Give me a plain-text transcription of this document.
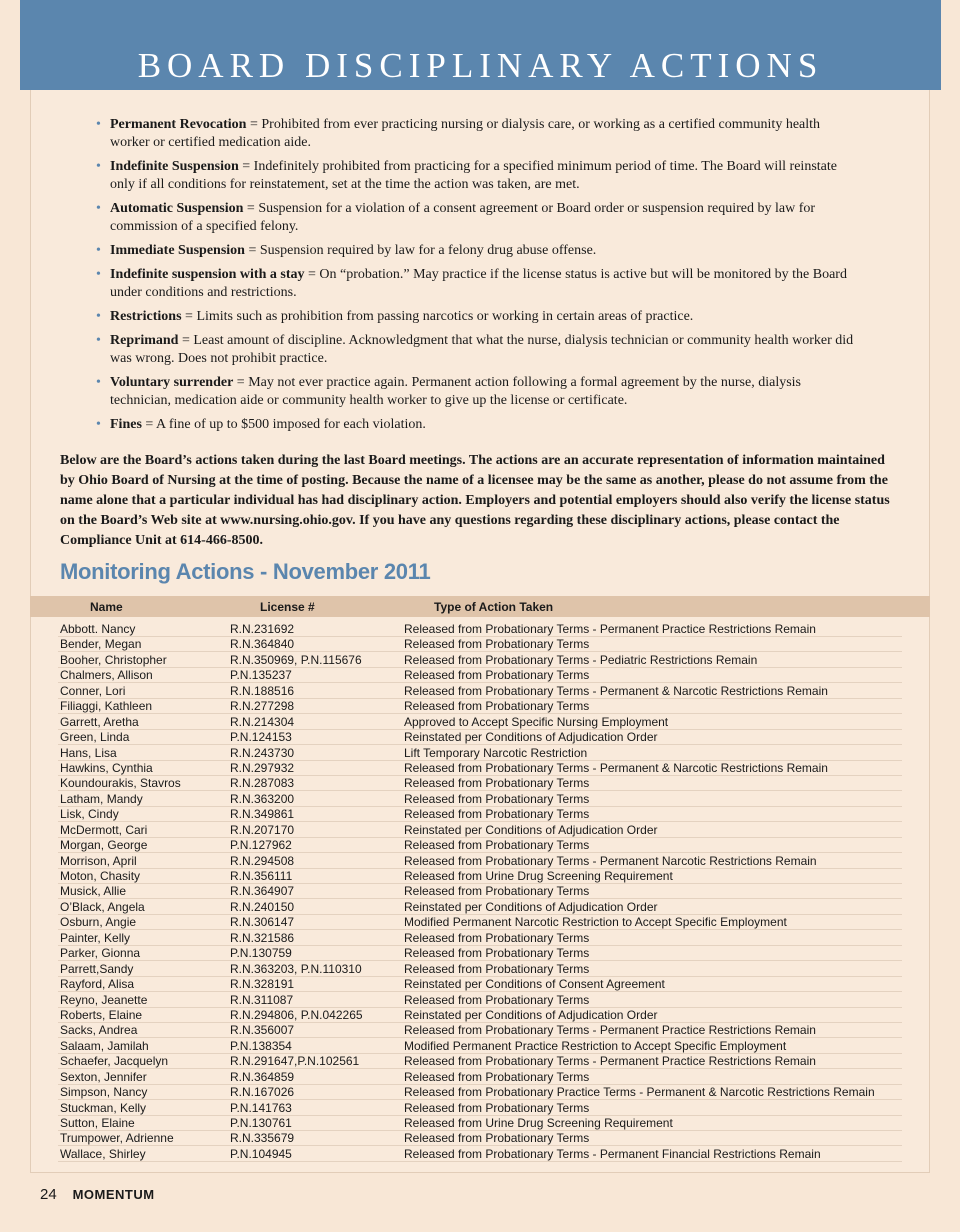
BOARD DISCIPLINARY ACTIONS
• Permanent Revocation = Prohibited from ever practicing nursing or dialysis care, or working as a certified community health worker or certified medication aide.
• Indefinite Suspension = Indefinitely prohibited from practicing for a specified minimum period of time. The Board will reinstate only if all conditions for reinstatement, set at the time the action was taken, are met.
• Automatic Suspension = Suspension for a violation of a consent agreement or Board order or suspension required by law for commission of a specified felony.
• Immediate Suspension = Suspension required by law for a felony drug abuse offense.
• Indefinite suspension with a stay = On “probation.” May practice if the license status is active but will be monitored by the Board under conditions and restrictions.
• Restrictions = Limits such as prohibition from passing narcotics or working in certain areas of practice.
• Reprimand = Least amount of discipline. Acknowledgment that what the nurse, dialysis technician or community health worker did was wrong. Does not prohibit practice.
• Voluntary surrender = May not ever practice again. Permanent action following a formal agreement by the nurse, dialysis technician, medication aide or community health worker to give up the license or certificate.
• Fines = A fine of up to $500 imposed for each violation.
Below are the Board’s actions taken during the last Board meetings. The actions are an accurate representation of information maintained by Ohio Board of Nursing at the time of posting. Because the name of a licensee may be the same as another, please do not assume from the name alone that a particular individual has had disciplinary action. Employers and potential employers should also verify the license status on the Board’s Web site at www.nursing.ohio.gov. If you have any questions regarding these disciplinary actions, please contact the Compliance Unit at 614-466-8500.
Monitoring Actions - November 2011
Name	License #	Type of Action Taken
Abbott. Nancy	R.N.231692	Released from Probationary Terms - Permanent Practice Restrictions Remain
Bender, Megan	R.N.364840	Released from Probationary Terms
Booher, Christopher	R.N.350969, P.N.115676	Released from Probationary Terms - Pediatric Restrictions Remain
Chalmers, Allison	P.N.135237	Released from Probationary Terms
Conner, Lori	R.N.188516	Released from Probationary Terms - Permanent & Narcotic Restrictions Remain
Filiaggi, Kathleen	R.N.277298	Released from Probationary Terms
Garrett, Aretha	R.N.214304	Approved to Accept Specific Nursing Employment
Green, Linda	P.N.124153	Reinstated per Conditions of Adjudication Order
Hans, Lisa	R.N.243730	Lift Temporary Narcotic Restriction
Hawkins, Cynthia	R.N.297932	Released from Probationary Terms - Permanent & Narcotic Restrictions Remain
Koundourakis, Stavros	R.N.287083	Released from Probationary Terms
Latham, Mandy	R.N.363200	Released from Probationary Terms
Lisk, Cindy	R.N.349861	Released from Probationary Terms
McDermott, Cari	R.N.207170	Reinstated per Conditions of Adjudication Order
Morgan, George	P.N.127962	Released from Probationary Terms
Morrison, April	R.N.294508	Released from Probationary Terms - Permanent Narcotic Restrictions Remain
Moton, Chasity	R.N.356111	Released from Urine Drug Screening Requirement
Musick, Allie	R.N.364907	Released from Probationary Terms
O’Black, Angela	R.N.240150	Reinstated per Conditions of Adjudication Order
Osburn, Angie	R.N.306147	Modified Permanent Narcotic Restriction to Accept Specific Employment
Painter, Kelly	R.N.321586	Released from Probationary Terms
Parker, Gionna	P.N.130759	Released from Probationary Terms
Parrett,Sandy	R.N.363203, P.N.110310	Released from Probationary Terms
Rayford, Alisa	R.N.328191	Reinstated per Conditions of Consent Agreement
Reyno, Jeanette	R.N.311087	Released from Probationary Terms
Roberts, Elaine	R.N.294806, P.N.042265	Reinstated per Conditions of Adjudication Order
Sacks, Andrea	R.N.356007	Released from Probationary Terms - Permanent Practice Restrictions Remain
Salaam, Jamilah	P.N.138354	Modified Permanent Practice Restriction to Accept Specific Employment
Schaefer, Jacquelyn	R.N.291647,P.N.102561	Released from Probationary Terms - Permanent Practice Restrictions Remain
Sexton, Jennifer	R.N.364859	Released from Probationary Terms
Simpson, Nancy	R.N.167026	Released from Probationary Practice Terms - Permanent & Narcotic Restrictions Remain
Stuckman, Kelly	P.N.141763	Released from Probationary Terms
Sutton, Elaine	P.N.130761	Released from Urine Drug Screening Requirement
Trumpower, Adrienne	R.N.335679	Released from Probationary Terms
Wallace, Shirley	P.N.104945	Released from Probationary Terms - Permanent Financial Restrictions Remain
24 MOMENTUM
